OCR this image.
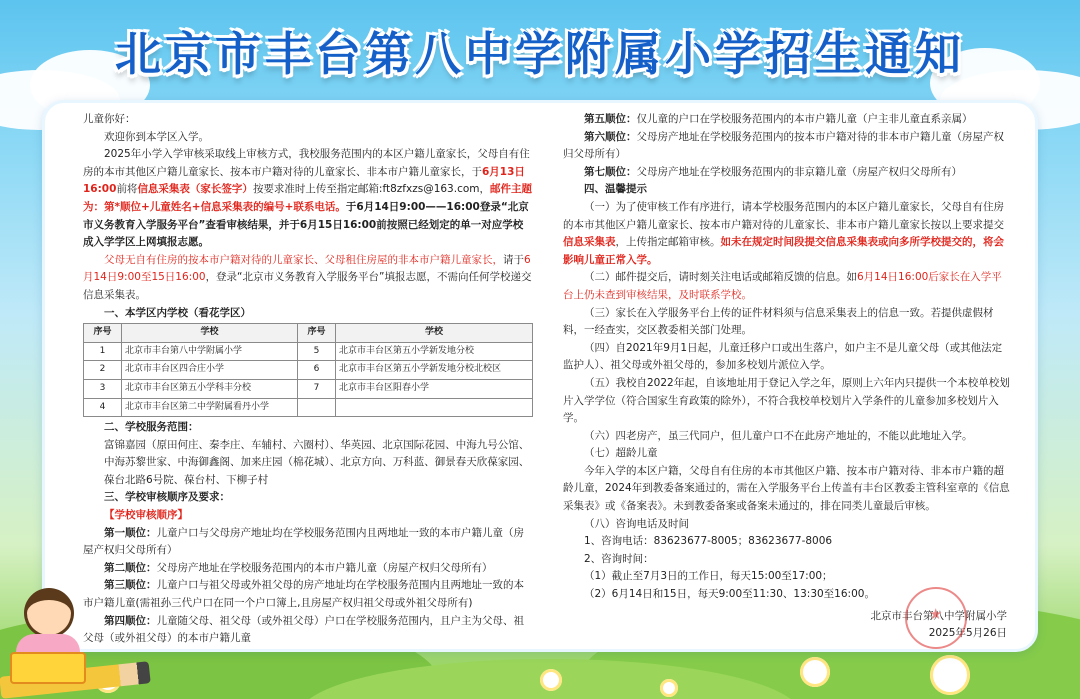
北京市丰台第八中学附属小学招生通知
儿童你好：
欢迎你到本学区入学。
2025年小学入学审核采取线上审核方式，我校服务范围内的本区户籍儿童家长，父母自有住房的本市其他区户籍儿童家长、按本市户籍对待的儿童家长、非本市户籍儿童家长，于6月13日16:00前将信息采集表（家长签字）按要求准时上传至指定邮箱:ft8zfxzs@163.com，邮件主题为：第*顺位+儿童姓名+信息采集表的编号+联系电话。于6月14日9:00——16:00登录“北京市义务教育入学服务平台”查看审核结果，并于6月15日16:00前按照已经划定的单一对应学校成入学学区上网填报志愿。
父母无自有住房的按本市户籍对待的儿童家长、父母租住房屋的非本市户籍儿童家长，请于6月14日9:00至15日16:00，登录“北京市义务教育入学服务平台”填报志愿，不需向任何学校递交信息采集表。
一、本学区内学校（看花学区）
序号	学校	序号	学校
1	北京市丰台第八中学附属小学	5	北京市丰台区第五小学新发地分校
2	北京市丰台区四合庄小学	6	北京市丰台区第五小学新发地分校北校区
3	北京市丰台区第五小学科丰分校	7	北京市丰台区阳春小学
4	北京市丰台区第二中学附属看丹小学		
二、学校服务范围：
富锦嘉园（原田何庄、秦李庄、车辅村、六圈村）、华英园、北京国际花园、中海九号公馆、中海苏黎世家、中海御鑫阁、加来庄园（棉花城）、北京方向、万科蓝、御景春天欣葆家园、葆台北路6号院、葆台村、下柳子村
三、学校审核顺序及要求：
【学校审核顺序】
第一顺位：儿童户口与父母房产地址均在学校服务范围内且两地址一致的本市户籍儿童（房屋产权归父母所有）
第二顺位：父母房产地址在学校服务范围内的本市户籍儿童（房屋产权归父母所有）
第三顺位：儿童户口与祖父母或外祖父母的房产地址均在学校服务范围内且两地址一致的本市户籍儿童(需祖孙三代户口在同一个户口簿上,且房屋产权归祖父母或外祖父母所有)
第四顺位：儿童随父母、祖父母（或外祖父母）户口在学校服务范围内，且户主为父母、祖父母（或外祖父母）的本市户籍儿童
第五顺位：仅儿童的户口在学校服务范围内的本市户籍儿童（户主非儿童直系亲属）
第六顺位：父母房产地址在学校服务范围内的按本市户籍对待的非本市户籍儿童（房屋产权归父母所有）
第七顺位：父母房产地址在学校服务范围内的非京籍儿童（房屋产权归父母所有）
四、温馨提示
（一）为了使审核工作有序进行，请本学校服务范围内的本区户籍儿童家长，父母自有住房的本市其他区户籍儿童家长、按本市户籍对待的儿童家长、非本市户籍儿童家长按以上要求提交信息采集表，上传指定邮箱审核。如未在规定时间段提交信息采集表或向多所学校提交的，将会影响儿童正常入学。
（二）邮件提交后，请时刻关注电话或邮箱反馈的信息。如6月14日16:00后家长在入学平台上仍未查到审核结果，及时联系学校。
（三）家长在入学服务平台上传的证件材料须与信息采集表上的信息一致。若提供虚假材料，一经查实，交区教委相关部门处理。
（四）自2021年9月1日起，儿童迁移户口或出生落户，如户主不是儿童父母（或其他法定监护人）、祖父母或外祖父母的，参加多校划片派位入学。
（五）我校自2022年起，自该地址用于登记入学之年，原则上六年内只提供一个本校单校划片入学学位（符合国家生育政策的除外），不符合我校单校划片入学条件的儿童参加多校划片入学。
（六）四老房产，虽三代同户，但儿童户口不在此房产地址的，不能以此地址入学。
（七）超龄儿童
今年入学的本区户籍，父母自有住房的本市其他区户籍、按本市户籍对待、非本市户籍的超龄儿童，2024年到教委备案通过的，需在入学服务平台上传盖有丰台区教委主管科室章的《信息采集表》或《备案表》。未到教委备案或备案未通过的，排在同类儿童最后审核。
（八）咨询电话及时间
1、咨询电话：83623677-8005；83623677-8006
2、咨询时间：
（1）截止至7月3日的工作日，每天15:00至17:00；
（2）6月14日和15日，每天9:00至11:30、13:30至16:00。
北京市丰台第八中学附属小学
2025年5月26日
★
